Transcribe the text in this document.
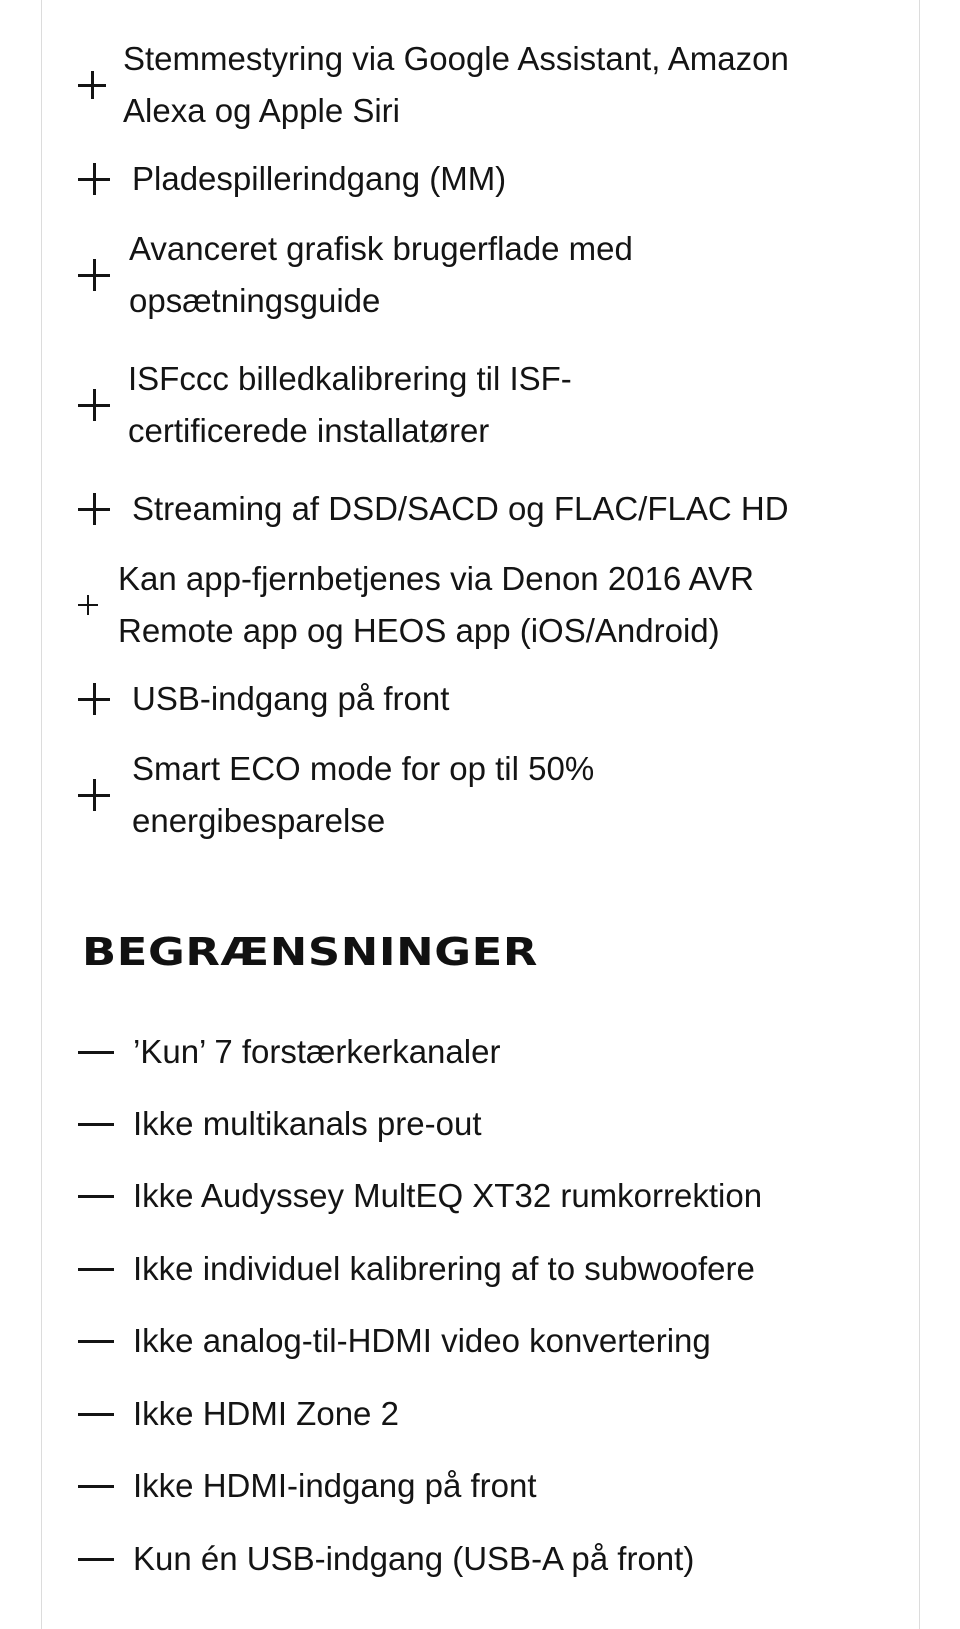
Stemmestyring via Google Assistant, Amazon Alexa og Apple Siri
Pladespillerindgang (MM)
Avanceret grafisk brugerflade med opsætningsguide
ISFccc billedkalibrering til ISF-certificerede installatører
Streaming af DSD/SACD og FLAC/FLAC HD
Kan app-fjernbetjenes via Denon 2016 AVR Remote app og HEOS app (iOS/Android)
USB-indgang på front
Smart ECO mode for op til 50% energibesparelse
BEGRÆNSNINGER
’Kun’ 7 forstærkerkanaler
Ikke multikanals pre-out
Ikke Audyssey MultEQ XT32 rumkorrektion
Ikke individuel kalibrering af to subwoofere
Ikke analog-til-HDMI video konvertering
Ikke HDMI Zone 2
Ikke HDMI-indgang på front
Kun én USB-indgang (USB-A på front)
